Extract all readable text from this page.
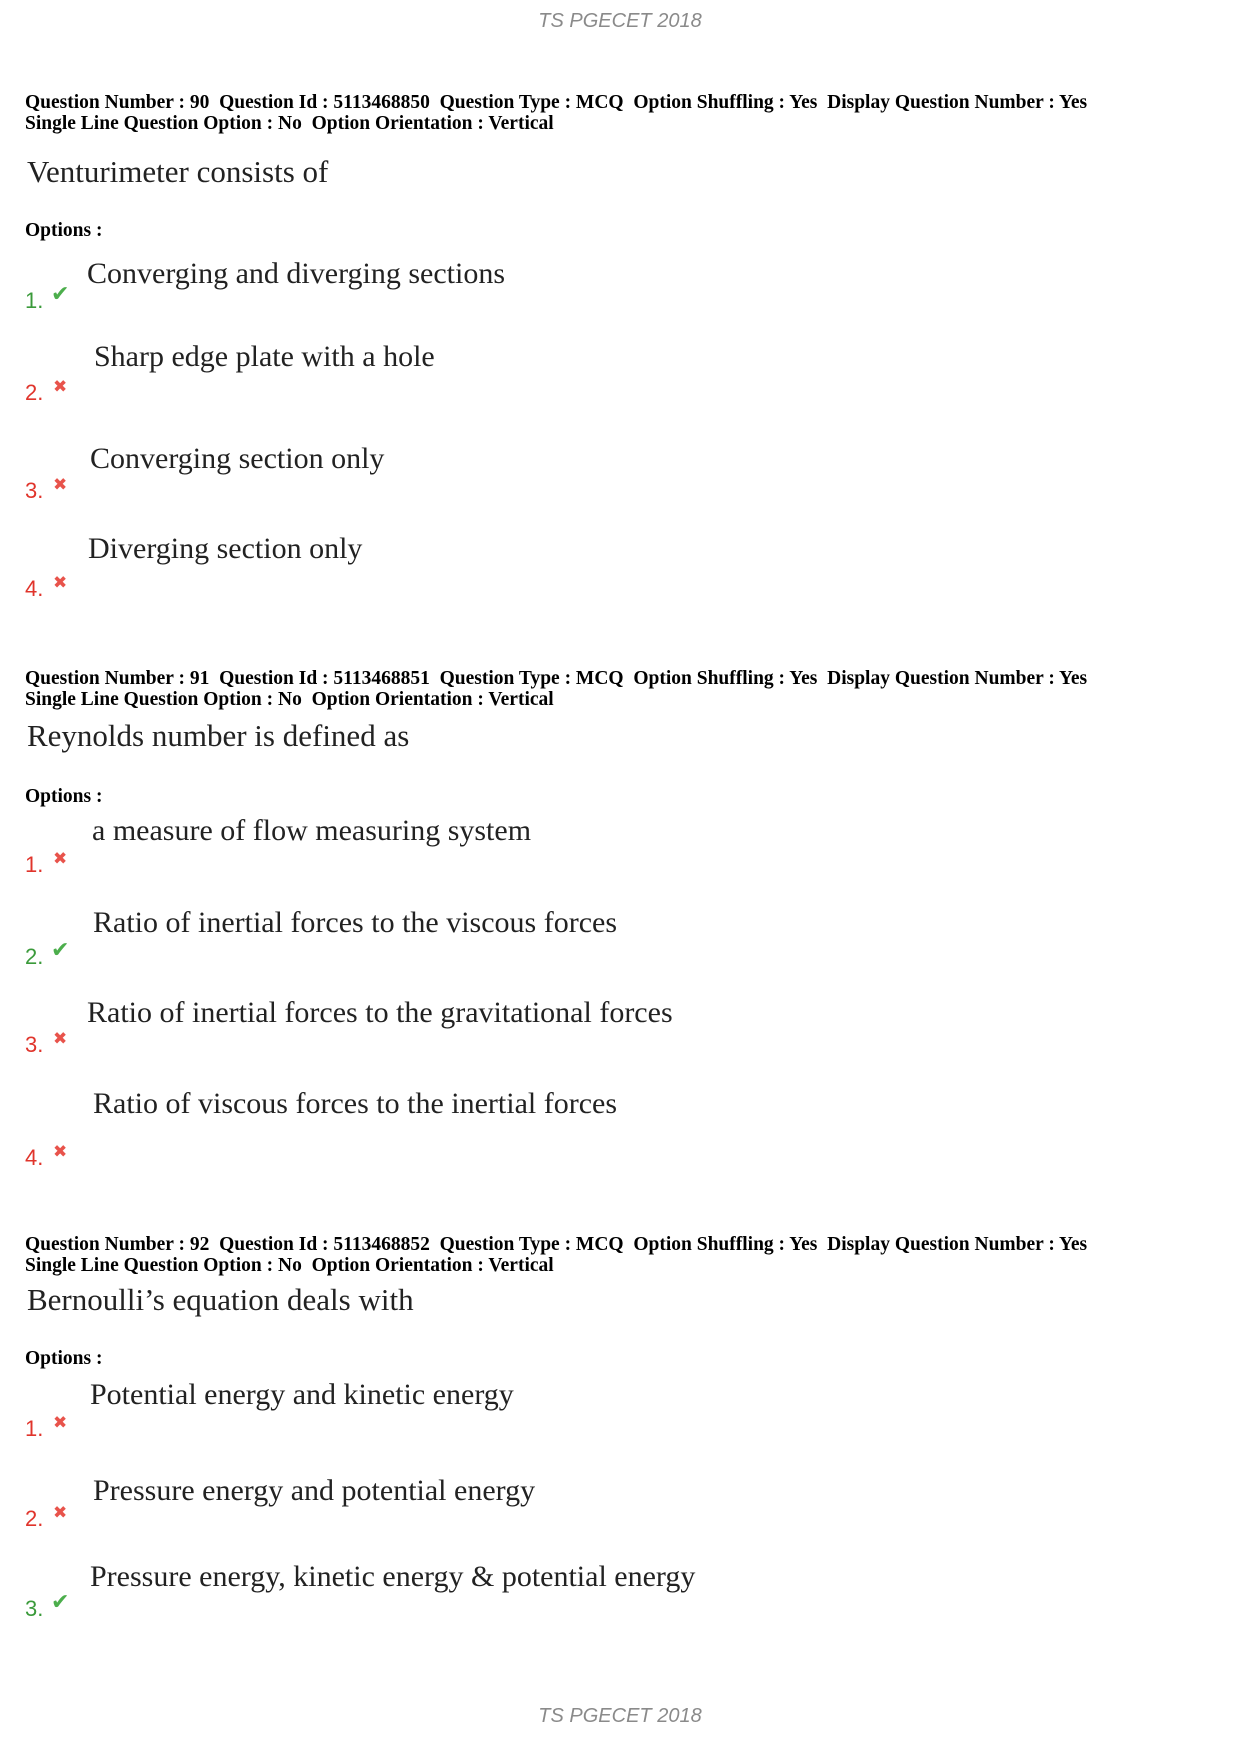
TS PGECET 2018
Question Number : 90  Question Id : 5113468850  Question Type : MCQ  Option Shuffling : Yes  Display Question Number : Yes
Single Line Question Option : No  Option Orientation : Vertical
Venturimeter consists of
Options :
1. ✔
Converging and diverging sections
2. ✖
Sharp edge plate with a hole
3. ✖
Converging section only
4. ✖
Diverging section only
Question Number : 91  Question Id : 5113468851  Question Type : MCQ  Option Shuffling : Yes  Display Question Number : Yes
Single Line Question Option : No  Option Orientation : Vertical
Reynolds number is defined as
Options :
1. ✖
a measure of flow measuring system
2. ✔
Ratio of inertial forces to the viscous forces
3. ✖
Ratio of inertial forces to the gravitational forces
4. ✖
Ratio of viscous forces to the inertial forces
Question Number : 92  Question Id : 5113468852  Question Type : MCQ  Option Shuffling : Yes  Display Question Number : Yes
Single Line Question Option : No  Option Orientation : Vertical
Bernoulli’s equation deals with
Options :
1. ✖
Potential energy and kinetic energy
2. ✖
Pressure energy and potential energy
3. ✔
Pressure energy, kinetic energy & potential energy
TS PGECET 2018
